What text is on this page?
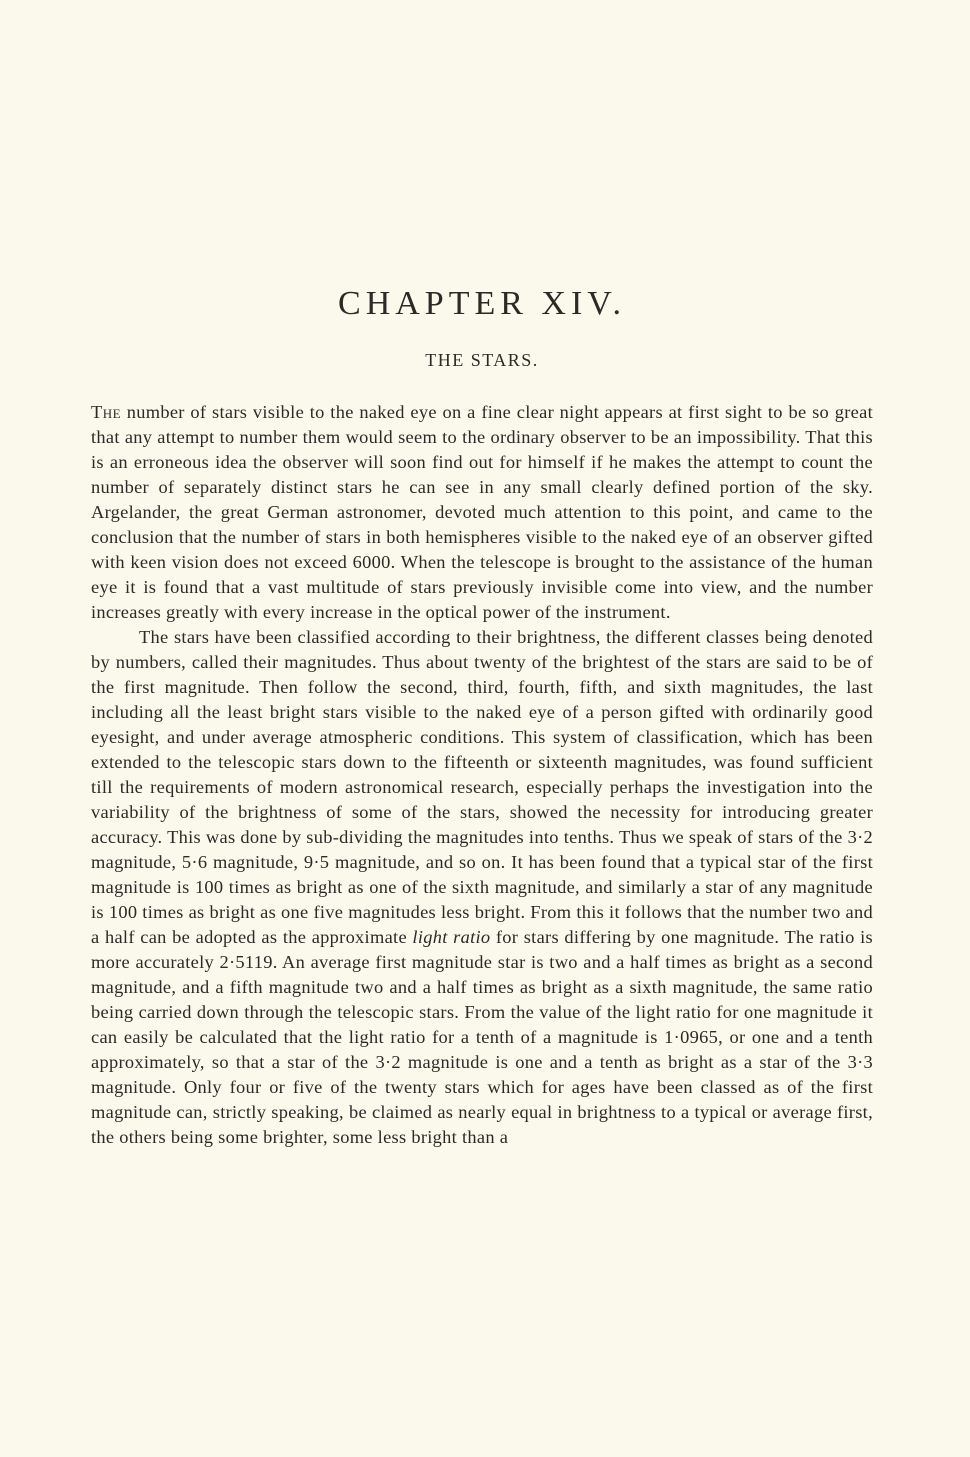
CHAPTER XIV.
THE STARS.

The number of stars visible to the naked eye on a fine clear night appears at first sight to be so great that any attempt to number them would seem to the ordinary observer to be an impossibility. That this is an erroneous idea the observer will soon find out for himself if he makes the attempt to count the number of separately distinct stars he can see in any small clearly defined portion of the sky. Argelander, the great German astronomer, devoted much attention to this point, and came to the conclusion that the number of stars in both hemispheres visible to the naked eye of an observer gifted with keen vision does not exceed 6000. When the telescope is brought to the assistance of the human eye it is found that a vast multitude of stars previously invisible come into view, and the number increases greatly with every increase in the optical power of the instrument.

The stars have been classified according to their brightness, the different classes being denoted by numbers, called their magnitudes. Thus about twenty of the brightest of the stars are said to be of the first magnitude. Then follow the second, third, fourth, fifth, and sixth magnitudes, the last including all the least bright stars visible to the naked eye of a person gifted with ordinarily good eyesight, and under average atmospheric conditions. This system of classification, which has been extended to the telescopic stars down to the fifteenth or sixteenth magnitudes, was found sufficient till the requirements of modern astronomical research, especially perhaps the investigation into the variability of the brightness of some of the stars, showed the necessity for introducing greater accuracy. This was done by sub-dividing the magnitudes into tenths. Thus we speak of stars of the 3·2 magnitude, 5·6 magnitude, 9·5 magnitude, and so on. It has been found that a typical star of the first magnitude is 100 times as bright as one of the sixth magnitude, and similarly a star of any magnitude is 100 times as bright as one five magnitudes less bright. From this it follows that the number two and a half can be adopted as the approximate light ratio for stars differing by one magnitude. The ratio is more accurately 2·5119. An average first magnitude star is two and a half times as bright as a second magnitude, and a fifth magnitude two and a half times as bright as a sixth magnitude, the same ratio being carried down through the telescopic stars. From the value of the light ratio for one magnitude it can easily be calculated that the light ratio for a tenth of a magnitude is 1·0965, or one and a tenth approximately, so that a star of the 3·2 magnitude is one and a tenth as bright as a star of the 3·3 magnitude. Only four or five of the twenty stars which for ages have been classed as of the first magnitude can, strictly speaking, be claimed as nearly equal in brightness to a typical or average first, the others being some brighter, some less bright than a
